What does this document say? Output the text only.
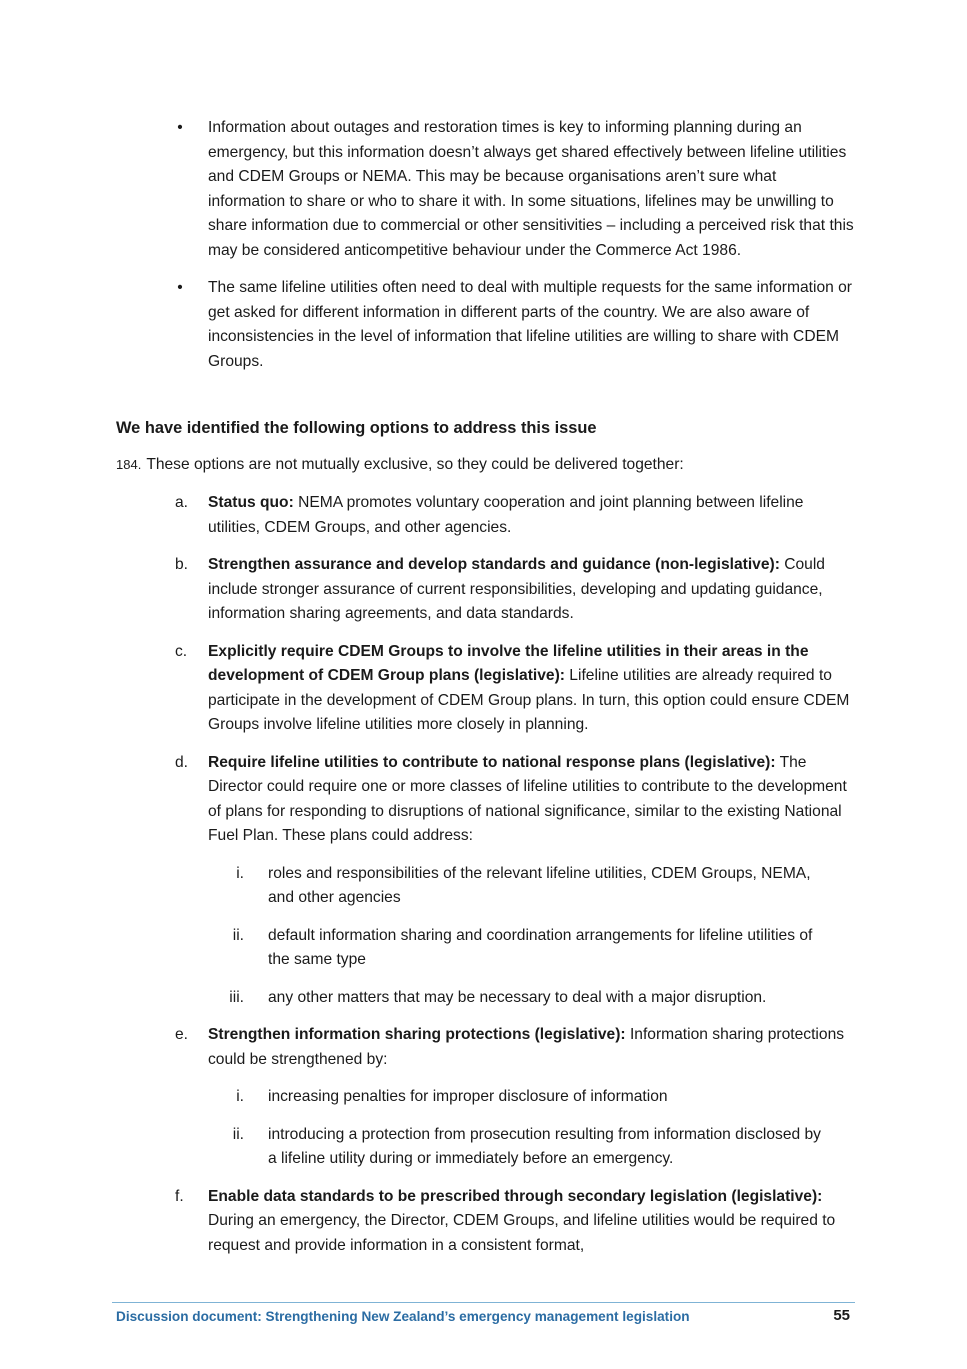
• Information about outages and restoration times is key to informing planning during an emergency, but this information doesn’t always get shared effectively between lifeline utilities and CDEM Groups or NEMA. This may be because organisations aren’t sure what information to share or who to share it with. In some situations, lifelines may be unwilling to share information due to commercial or other sensitivities – including a perceived risk that this may be considered anticompetitive behaviour under the Commerce Act 1986.
• The same lifeline utilities often need to deal with multiple requests for the same information or get asked for different information in different parts of the country. We are also aware of inconsistencies in the level of information that lifeline utilities are willing to share with CDEM Groups.
We have identified the following options to address this issue

184. These options are not mutually exclusive, so they could be delivered together:

a.	Status quo: NEMA promotes voluntary cooperation and joint planning between lifeline utilities, CDEM Groups, and other agencies.
b.	Strengthen assurance and develop standards and guidance (non-legislative): Could include stronger assurance of current responsibilities, developing and updating guidance, information sharing agreements, and data standards.
c.	Explicitly require CDEM Groups to involve the lifeline utilities in their areas in the development of CDEM Group plans (legislative): Lifeline utilities are already required to participate in the development of CDEM Group plans. In turn, this option could ensure CDEM Groups involve lifeline utilities more closely in planning.
d.	Require lifeline utilities to contribute to national response plans (legislative): The Director could require one or more classes of lifeline utilities to contribute to the development of plans for responding to disruptions of national significance, similar to the existing National Fuel Plan. These plans could address:
i. roles and responsibilities of the relevant lifeline utilities, CDEM Groups, NEMA, and other agencies
ii. default information sharing and coordination arrangements for lifeline utilities of the same type
iii. any other matters that may be necessary to deal with a major disruption.
e.	Strengthen information sharing protections (legislative): Information sharing protections could be strengthened by:
i. increasing penalties for improper disclosure of information
ii. introducing a protection from prosecution resulting from information disclosed by a lifeline utility during or immediately before an emergency.
f.	Enable data standards to be prescribed through secondary legislation (legislative): During an emergency, the Director, CDEM Groups, and lifeline utilities would be required to request and provide information in a consistent format,
Discussion document: Strengthening New Zealand’s emergency management legislation	55
